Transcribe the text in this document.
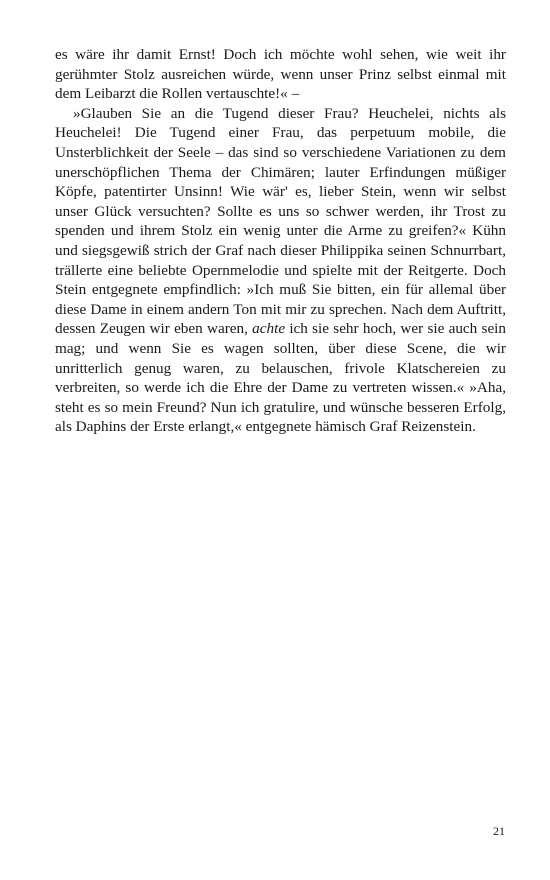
es wäre ihr damit Ernst! Doch ich möchte wohl sehen, wie weit ihr gerühmter Stolz ausreichen würde, wenn unser Prinz selbst einmal mit dem Leibarzt die Rollen vertauschte!« –

»Glauben Sie an die Tugend dieser Frau? Heuchelei, nichts als Heuchelei! Die Tugend einer Frau, das perpetuum mobile, die Unsterblichkeit der Seele – das sind so verschiedene Variationen zu dem unerschöpflichen Thema der Chimären; lauter Erfindungen müßiger Köpfe, patentirter Unsinn! Wie wär' es, lieber Stein, wenn wir selbst unser Glück versuchten? Sollte es uns so schwer werden, ihr Trost zu spenden und ihrem Stolz ein wenig unter die Arme zu greifen?« Kühn und siegsgewiß strich der Graf nach dieser Philippika seinen Schnurrbart, trällerte eine beliebte Opernmelodie und spielte mit der Reitgerte. Doch Stein entgegnete empfindlich: »Ich muß Sie bitten, ein für allemal über diese Dame in einem andern Ton mit mir zu sprechen. Nach dem Auftritt, dessen Zeugen wir eben waren, achte ich sie sehr hoch, wer sie auch sein mag; und wenn Sie es wagen sollten, über diese Scene, die wir unritterlich genug waren, zu belauschen, frivole Klatschereien zu verbreiten, so werde ich die Ehre der Dame zu vertreten wissen.« »Aha, steht es so mein Freund? Nun ich gratulire, und wünsche besseren Erfolg, als Daphins der Erste erlangt,« entgegnete hämisch Graf Reizenstein.

21
